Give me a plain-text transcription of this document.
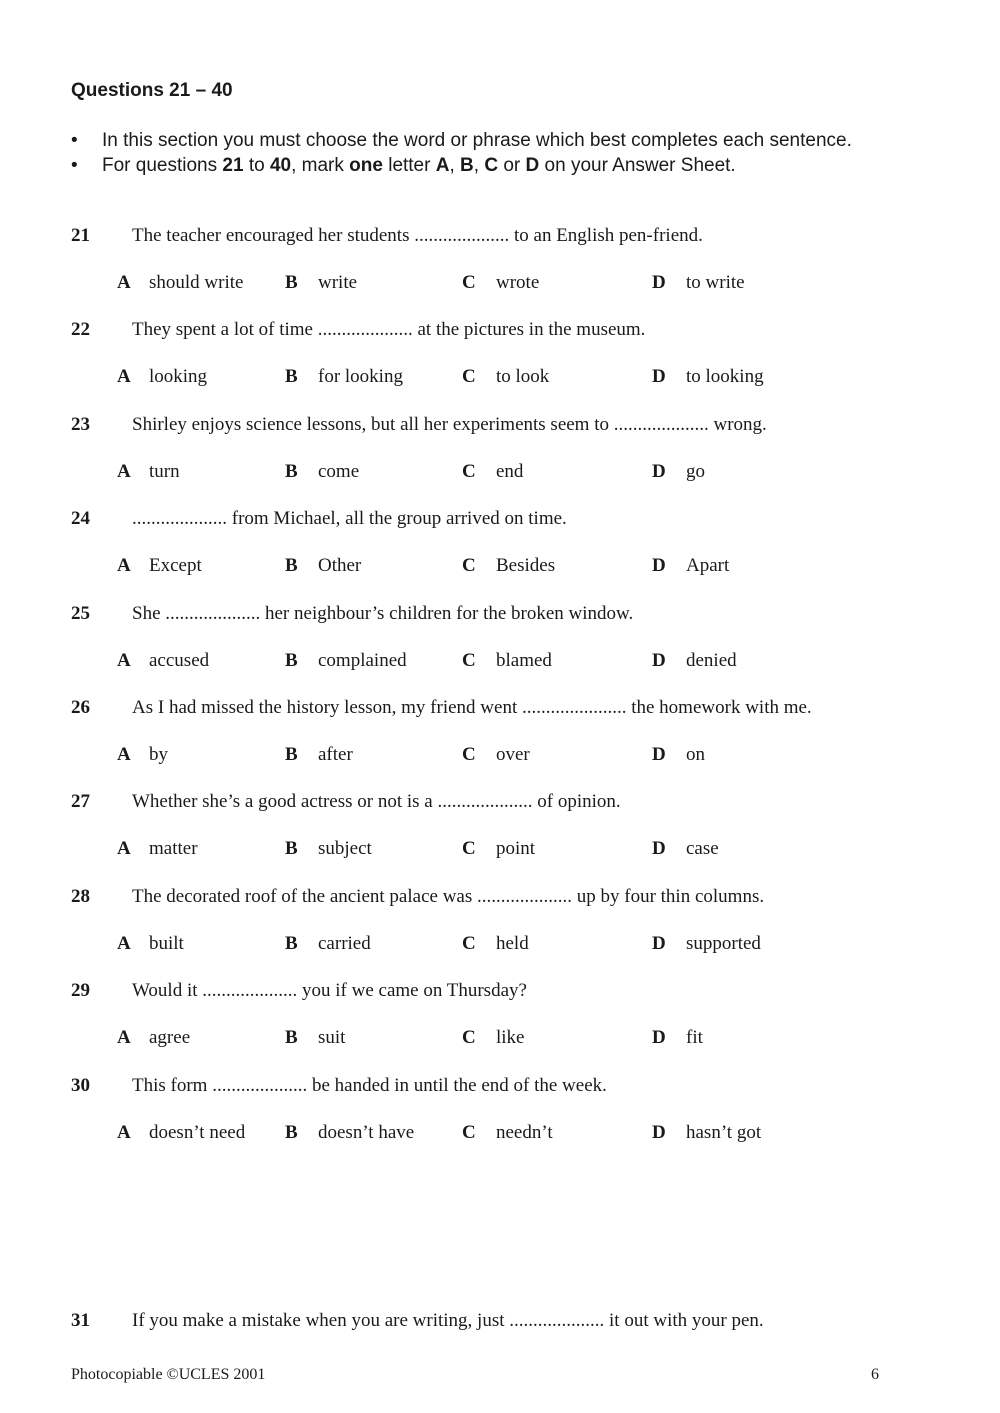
Questions 21 – 40
• In this section you must choose the word or phrase which best completes each sentence.
• For questions 21 to 40, mark one letter A, B, C or D on your Answer Sheet.
21 The teacher encouraged her students .................... to an English pen-friend.
A should write B write	C wrote	D to write
22 They spent a lot of time .................... at the pictures in the museum.
A looking	B for looking	C to look	D to looking
23 Shirley enjoys science lessons, but all her experiments seem to .................... wrong.
A turn	B come	C end	D go
24 .................... from Michael, all the group arrived on time.
A Except	B Other	C Besides	D Apart
25 She .................... her neighbour’s children for the broken window.
A accused	B complained	C blamed	D denied
26 As I had missed the history lesson, my friend went ...................... the homework with me.
A by	B after	C over	D on
27 Whether she’s a good actress or not is a .................... of opinion.
A matter	B subject	C point	D case
28 The decorated roof of the ancient palace was .................... up by four thin columns.
A built	B carried	C held	D supported
29 Would it .................... you if we came on Thursday?
A agree	B suit	C like	D fit
30 This form .................... be handed in until the end of the week.
A doesn’t need B doesn’t have	C needn’t	D hasn’t got
31 If you make a mistake when you are writing, just .................... it out with your pen.
Photocopiable ©UCLES 2001	6
